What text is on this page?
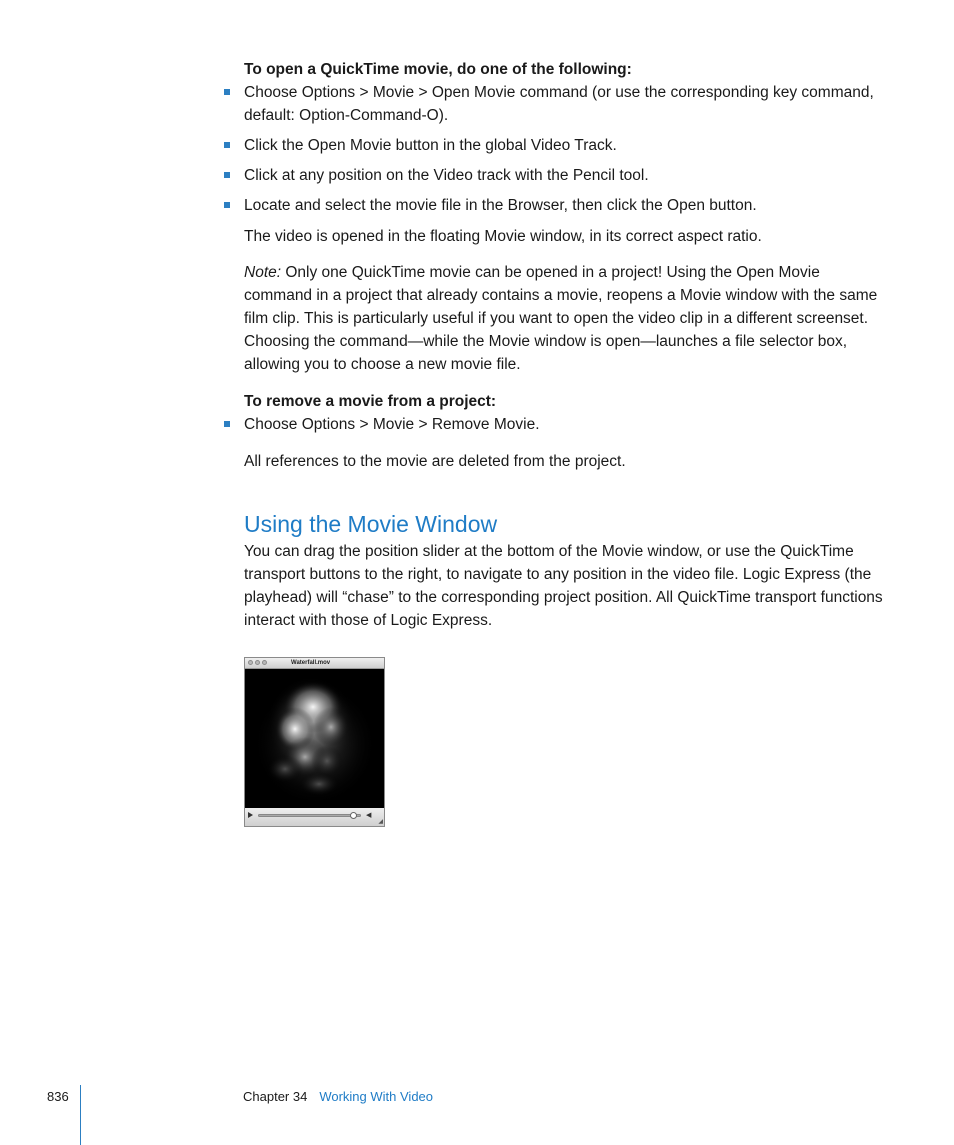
To open a QuickTime movie, do one of the following:

Choose Options > Movie > Open Movie command (or use the corresponding key command, default: Option-Command-O).
Click the Open Movie button in the global Video Track.
Click at any position on the Video track with the Pencil tool.
Locate and select the movie file in the Browser, then click the Open button.

The video is opened in the floating Movie window, in its correct aspect ratio.

Note: Only one QuickTime movie can be opened in a project! Using the Open Movie command in a project that already contains a movie, reopens a Movie window with the same film clip. This is particularly useful if you want to open the video clip in a different screenset. Choosing the command—while the Movie window is open—launches a file selector box, allowing you to choose a new movie file.

To remove a movie from a project:

Choose Options > Movie > Remove Movie.

All references to the movie are deleted from the project.

Using the Movie Window

You can drag the position slider at the bottom of the Movie window, or use the QuickTime transport buttons to the right, to navigate to any position in the video file. Logic Express (the playhead) will “chase” to the corresponding project position. All QuickTime transport functions interact with those of Logic Express.

Waterfall.mov
◀
◢
836	Chapter 34 Working With Video
